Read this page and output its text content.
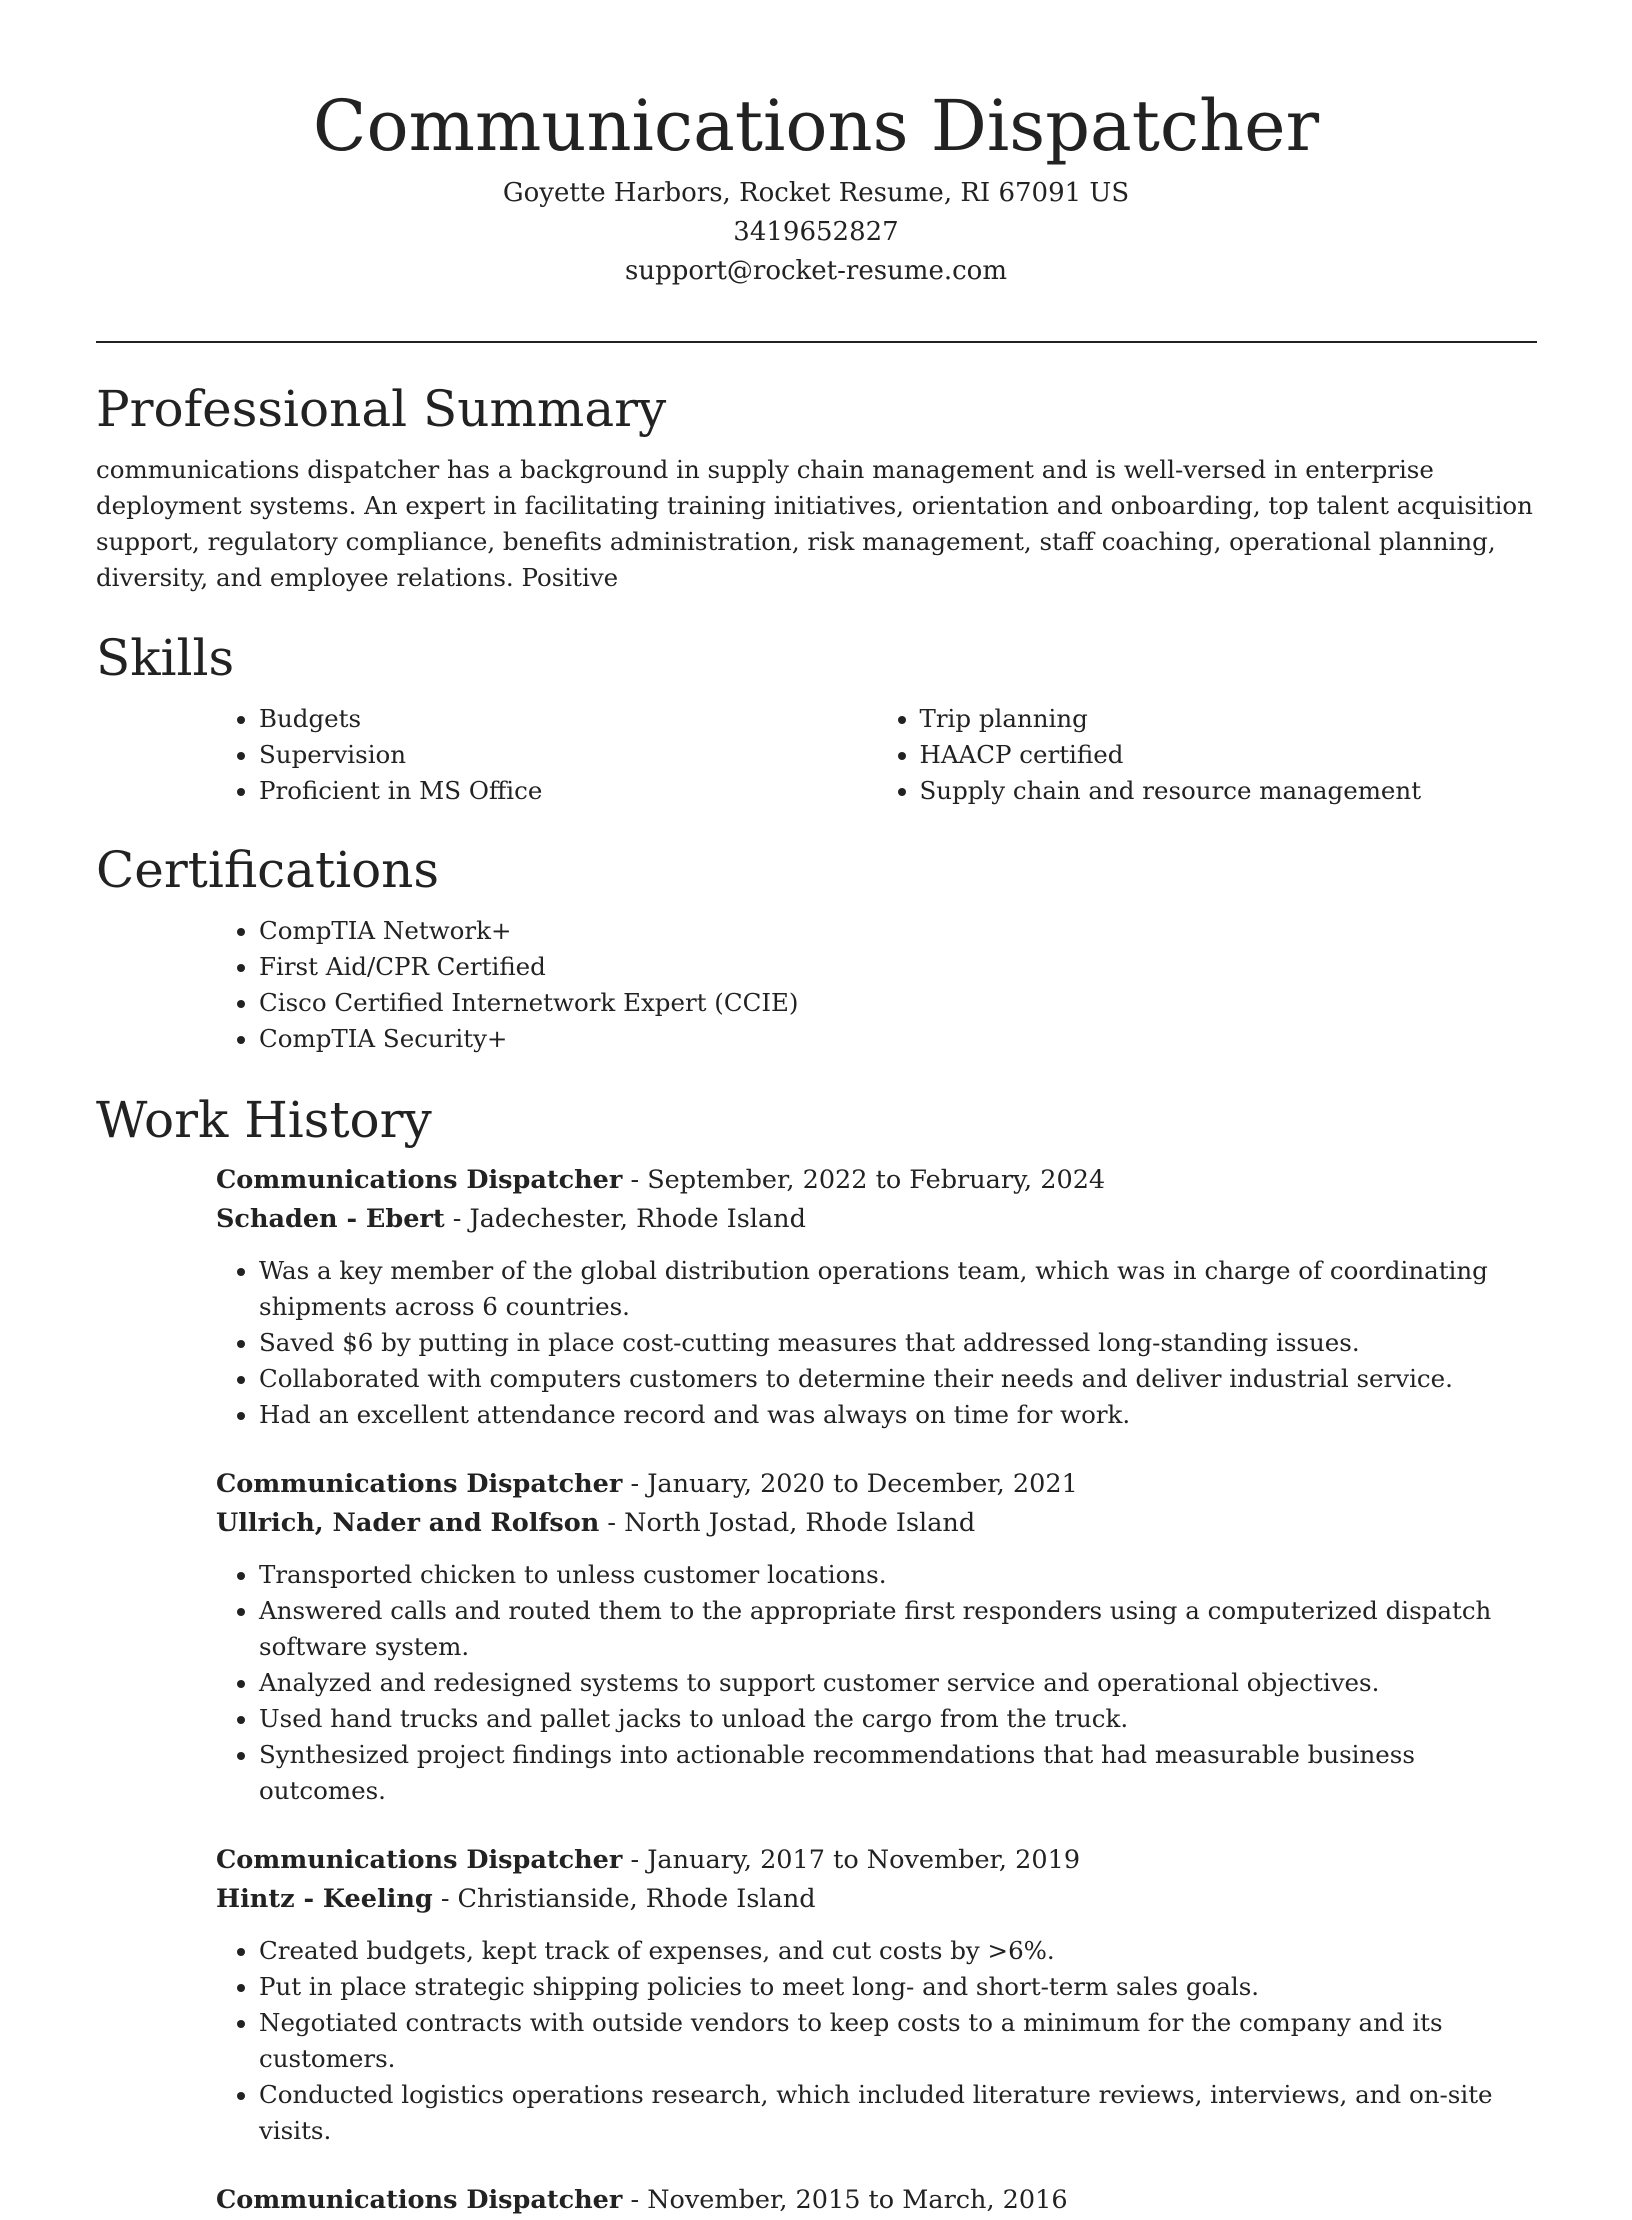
Communications Dispatcher

Goyette Harbors, Rocket Resume, RI 67091 US

3419652827

support@rocket-resume.com

Professional Summary

communications dispatcher has a background in supply chain management and is well-versed in enterprise deployment systems. An expert in facilitating training initiatives, orientation and onboarding, top talent acquisition support, regulatory compliance, benefits administration, risk management, staff coaching, operational planning, diversity, and employee relations. Positive

Skills
• Budgets
• Supervision
• Proficient in MS Office
• Trip planning
• HAACP certified
• Supply chain and resource management
Certifications
• CompTIA Network+
• First Aid/CPR Certified
• Cisco Certified Internetwork Expert (CCIE)
• CompTIA Security+
Work History

Communications Dispatcher - September, 2022 to February, 2024

Schaden - Ebert - Jadechester, Rhode Island

• Was a key member of the global distribution operations team, which was in charge of coordinating shipments across 6 countries.
• Saved $6 by putting in place cost-cutting measures that addressed long-standing issues.
• Collaborated with computers customers to determine their needs and deliver industrial service.
• Had an excellent attendance record and was always on time for work.

Communications Dispatcher - January, 2020 to December, 2021

Ullrich, Nader and Rolfson - North Jostad, Rhode Island

• Transported chicken to unless customer locations.
• Answered calls and routed them to the appropriate first responders using a computerized dispatch software system.
• Analyzed and redesigned systems to support customer service and operational objectives.
• Used hand trucks and pallet jacks to unload the cargo from the truck.
• Synthesized project findings into actionable recommendations that had measurable business outcomes.

Communications Dispatcher - January, 2017 to November, 2019

Hintz - Keeling - Christianside, Rhode Island

• Created budgets, kept track of expenses, and cut costs by >6%.
• Put in place strategic shipping policies to meet long- and short-term sales goals.
• Negotiated contracts with outside vendors to keep costs to a minimum for the company and its customers.
• Conducted logistics operations research, which included literature reviews, interviews, and on-site visits.

Communications Dispatcher - November, 2015 to March, 2016
